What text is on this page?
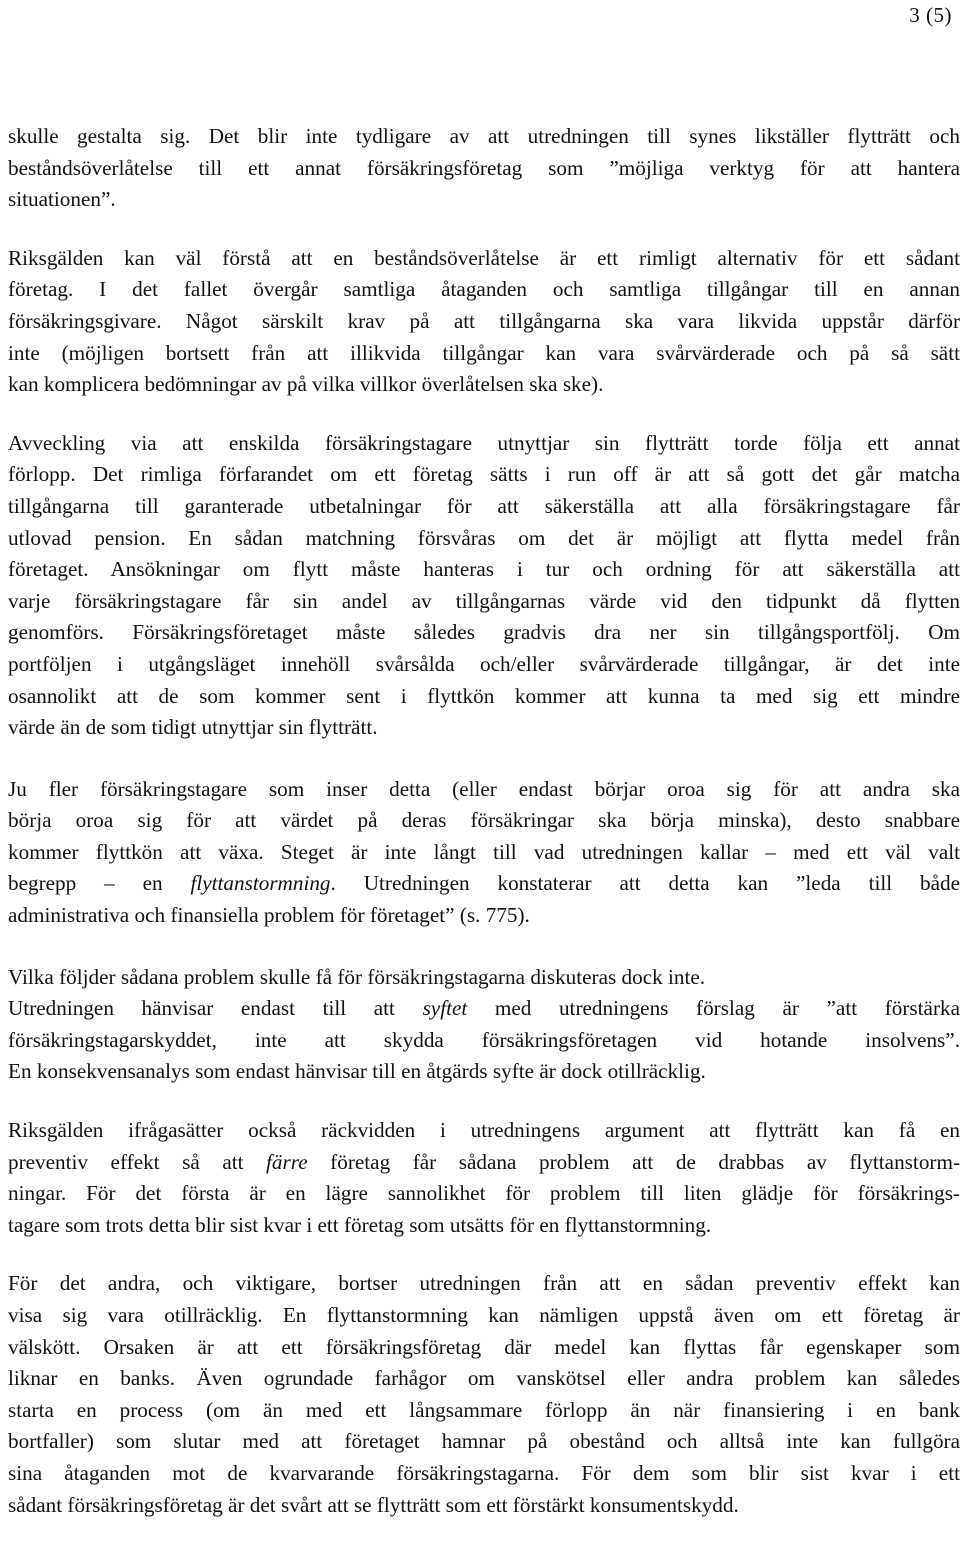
3 (5)

skulle gestalta sig. Det blir inte tydligare av att utredningen till synes likställer flytträtt och
beståndsöverlåtelse till ett annat försäkringsföretag som ”möjliga verktyg för att hantera
situationen”.

Riksgälden kan väl förstå att en beståndsöverlåtelse är ett rimligt alternativ för ett sådant
företag. I det fallet övergår samtliga åtaganden och samtliga tillgångar till en annan
försäkringsgivare. Något särskilt krav på att tillgångarna ska vara likvida uppstår därför
inte (möjligen bortsett från att illikvida tillgångar kan vara svårvärderade och på så sätt
kan komplicera bedömningar av på vilka villkor överlåtelsen ska ske).

Avveckling via att enskilda försäkringstagare utnyttjar sin flytträtt torde följa ett annat
förlopp. Det rimliga förfarandet om ett företag sätts i run off är att så gott det går matcha
tillgångarna till garanterade utbetalningar för att säkerställa att alla försäkringstagare får
utlovad pension. En sådan matchning försvåras om det är möjligt att flytta medel från
företaget. Ansökningar om flytt måste hanteras i tur och ordning för att säkerställa att
varje försäkringstagare får sin andel av tillgångarnas värde vid den tidpunkt då flytten
genomförs. Försäkringsföretaget måste således gradvis dra ner sin tillgångsportfölj. Om
portföljen i utgångsläget innehöll svårsålda och/eller svårvärderade tillgångar, är det inte
osannolikt att de som kommer sent i flyttkön kommer att kunna ta med sig ett mindre
värde än de som tidigt utnyttjar sin flytträtt.

Ju fler försäkringstagare som inser detta (eller endast börjar oroa sig för att andra ska
börja oroa sig för att värdet på deras försäkringar ska börja minska), desto snabbare
kommer flyttkön att växa. Steget är inte långt till vad utredningen kallar – med ett väl valt
begrepp – en flyttanstormning. Utredningen konstaterar att detta kan ”leda till både
administrativa och finansiella problem för företaget” (s. 775).

Vilka följder sådana problem skulle få för försäkringstagarna diskuteras dock inte.
Utredningen hänvisar endast till att syftet med utredningens förslag är ”att förstärka
försäkringstagarskyddet, inte att skydda försäkringsföretagen vid hotande insolvens”.
En konsekvensanalys som endast hänvisar till en åtgärds syfte är dock otillräcklig.

Riksgälden ifrågasätter också räckvidden i utredningens argument att flytträtt kan få en
preventiv effekt så att färre företag får sådana problem att de drabbas av flyttanstorm-
ningar. För det första är en lägre sannolikhet för problem till liten glädje för försäkrings-
tagare som trots detta blir sist kvar i ett företag som utsätts för en flyttanstormning.

För det andra, och viktigare, bortser utredningen från att en sådan preventiv effekt kan
visa sig vara otillräcklig. En flyttanstormning kan nämligen uppstå även om ett företag är
välskött. Orsaken är att ett försäkringsföretag där medel kan flyttas får egenskaper som
liknar en banks. Även ogrundade farhågor om vanskötsel eller andra problem kan således
starta en process (om än med ett långsammare förlopp än när finansiering i en bank
bortfaller) som slutar med att företaget hamnar på obestånd och alltså inte kan fullgöra
sina åtaganden mot de kvarvarande försäkringstagarna. För dem som blir sist kvar i ett
sådant försäkringsföretag är det svårt att se flytträtt som ett förstärkt konsumentskydd.
